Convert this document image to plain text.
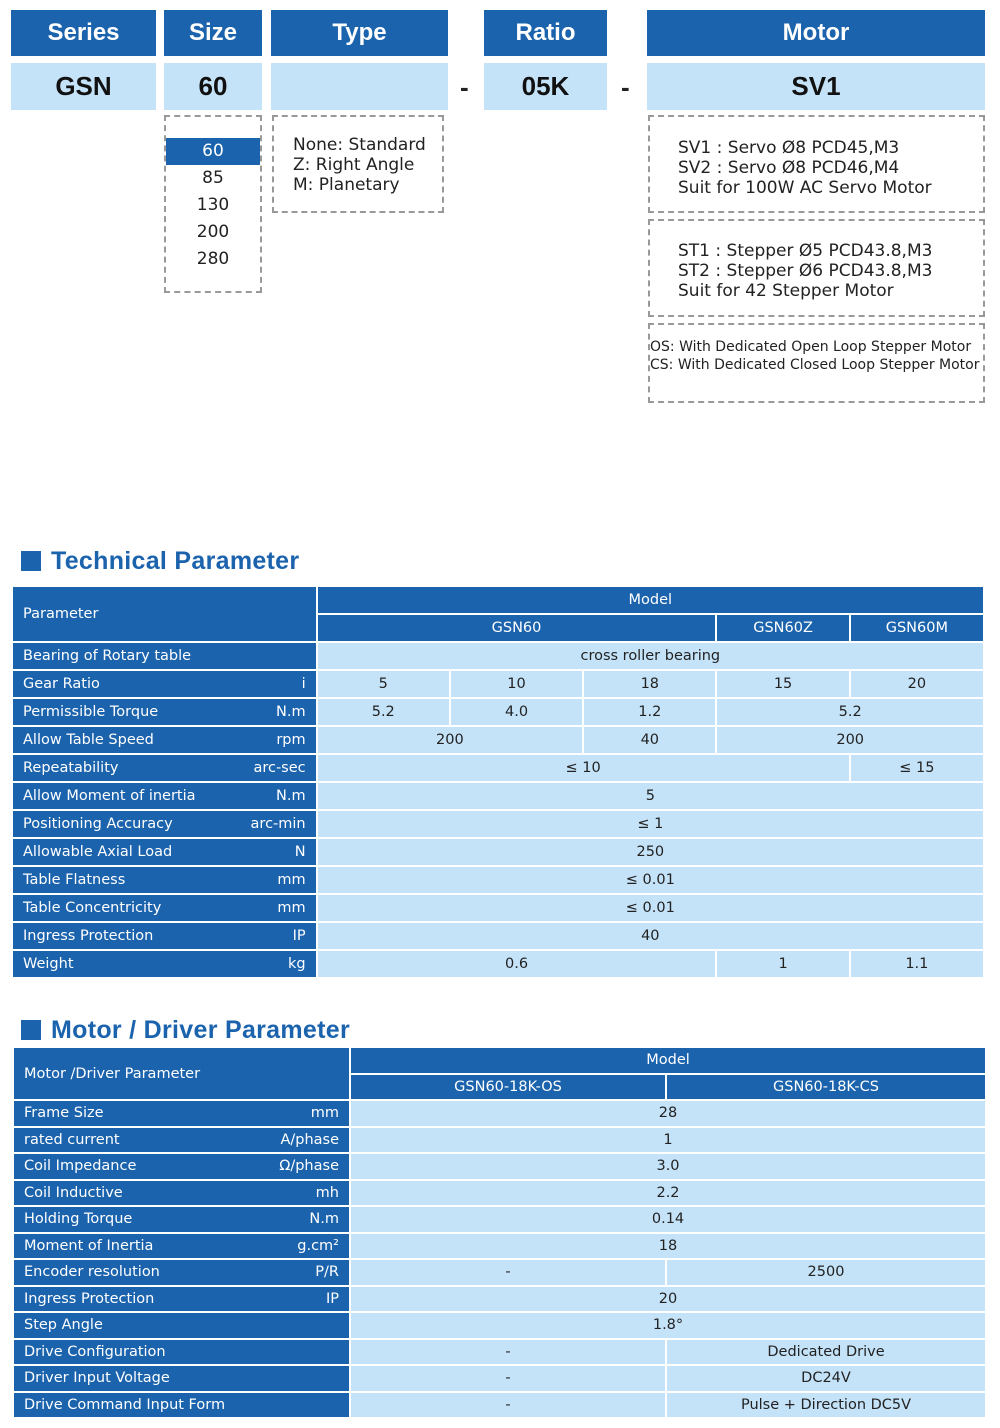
Series	Size	Type	Ratio	Motor
GSN	60	-	05K	-	SV1
60
85
130
200
280
None: Standard
Z: Right Angle
M: Planetary
SV1 : Servo Ø8 PCD45,M3
SV2 : Servo Ø8 PCD46,M4
Suit for 100W AC Servo Motor
ST1 : Stepper Ø5 PCD43.8,M3
ST2 : Stepper Ø6 PCD43.8,M3
Suit for 42 Stepper Motor
OS: With Dedicated Open Loop Stepper Motor
CS: With Dedicated Closed Loop Stepper Motor
Technical Parameter
Parameter	Model				
	GSN60			GSN60Z	GSN60M

Bearing of Rotary table	cross roller bearing				

Gear Ratio i	5	10	18	15	20

Permissible Torque N.m	5.2	4.0	1.2	5.2	

Allow Table Speed rpm	200		40	200	

Repeatability arc-sec	≤ 10				≤ 15

Allow Moment of inertia N.m	5				

Positioning Accuracy arc-min	≤ 1				

Allowable Axial Load N	250				

Table Flatness mm	≤ 0.01				

Table Concentricity mm	≤ 0.01				

Ingress Protection IP	40				

Weight kg	0.6			1	1.1
Motor / Driver Parameter
Motor /Driver Parameter	Model	
	GSN60-18K-OS	GSN60-18K-CS

Frame Size mm	28	

rated current A/phase	1	

Coil Impedance Ω/phase	3.0	

Coil Inductive mh	2.2	

Holding Torque N.m	0.14	

Moment of Inertia g.cm²	18	

Encoder resolution P/R	-	2500

Ingress Protection IP	20	

Step Angle	1.8°	

Drive Configuration	-	Dedicated Drive

Driver Input Voltage	-	DC24V

Drive Command Input Form	-	Pulse + Direction DC5V
